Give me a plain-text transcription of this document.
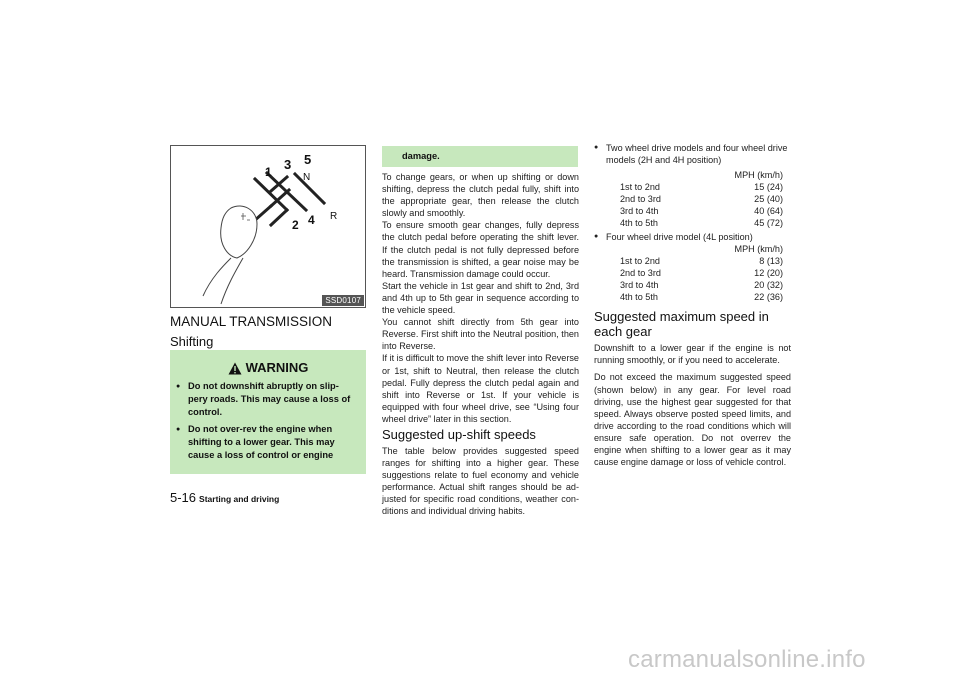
1 3 5
N
2 4 R
SSD0107
MANUAL TRANSMISSION
Shifting
WARNING
● Do not downshift abruptly on slip- pery roads. This may cause a loss of control.
● Do not over-rev the engine when shifting to a lower gear. This may cause a loss of control or engine
damage.

To change gears, or when up shifting or down shifting, depress the clutch pedal fully, shift into the appropriate gear, then release the clutch slowly and smoothly.

To ensure smooth gear changes, fully depress the clutch pedal before operating the shift lever. If the clutch pedal is not fully depressed before the transmission is shifted, a gear noise may be heard. Transmission damage could occur.

Start the vehicle in 1st gear and shift to 2nd, 3rd and 4th up to 5th gear in sequence according to the vehicle speed.

You cannot shift directly from 5th gear into Reverse. First shift into the Neutral position, then into Reverse.

If it is difficult to move the shift lever into Reverse or 1st, shift to Neutral, then release the clutch pedal. Fully depress the clutch pedal again and shift into Reverse or 1st. If your vehicle is equipped with four wheel drive, see “Using four wheel drive” later in this section.

Suggested up-shift speeds

The table below provides suggested speed ranges for shifting into a higher gear. These suggestions relate to fuel economy and vehicle performance. Actual shift ranges should be ad- justed for specific road conditions, weather con- ditions and individual driving habits.

● Two wheel drive models and four wheel drive models (2H and 4H position)
MPH (km/h)
1st to 2nd	15 (24)
2nd to 3rd	25 (40)
3rd to 4th	40 (64)
4th to 5th	45 (72)
● Four wheel drive model (4L position)
MPH (km/h)
1st to 2nd	8 (13)
2nd to 3rd	12 (20)
3rd to 4th	20 (32)
4th to 5th	22 (36)
Suggested maximum speed in each gear

Downshift to a lower gear if the engine is not running smoothly, or if you need to accelerate.

Do not exceed the maximum suggested speed (shown below) in any gear. For level road driving, use the highest gear suggested for that speed. Always observe posted speed limits, and drive according to the road conditions which will ensure safe operation. Do not overrev the engine when shifting to a lower gear as it may cause engine damage or loss of vehicle control.

5-16 Starting and driving
carmanualsonline.info
